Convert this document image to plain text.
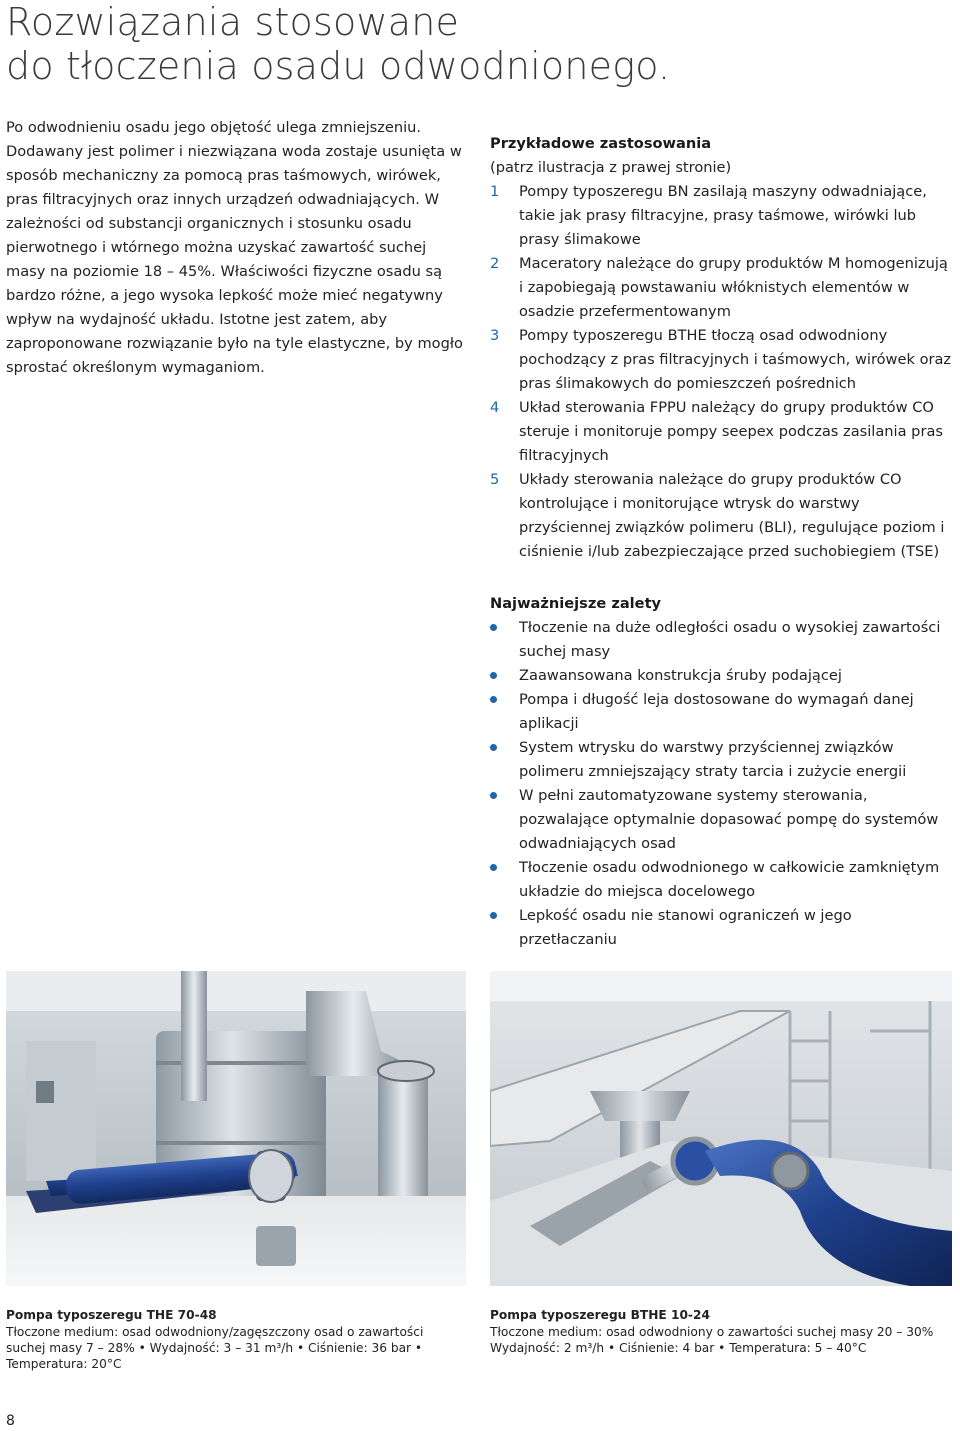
Rozwiązania stosowane
do tłoczenia osadu odwodnionego.

Po odwodnieniu osadu jego objętość ulega zmniejszeniu. Dodawany jest polimer i niezwiązana woda zostaje usunięta w sposób mechaniczny za pomocą pras taśmowych, wirówek, pras filtracyjnych oraz innych urządzeń odwadniających. W zależności od substancji organicznych i stosunku osadu pierwotnego i wtórnego można uzyskać zawartość suchej masy na poziomie 18 – 45%. Właściwości fizyczne osadu są bardzo różne, a jego wysoka lepkość może mieć negatywny wpływ na wydajność układu. Istotne jest zatem, aby zaproponowane rozwiązanie było na tyle elastyczne, by mogło sprostać określonym wymaganiom.

Przykładowe zastosowania

(patrz ilustracja z prawej stronie)

1 Pompy typoszeregu BN zasilają maszyny odwadniające, takie jak prasy filtracyjne, prasy taśmowe, wirówki lub prasy ślimakowe
2 Maceratory należące do grupy produktów M homogenizują i zapobiegają powstawaniu włóknistych elementów w osadzie przefermentowanym
3 Pompy typoszeregu BTHE tłoczą osad odwodniony pochodzący z pras filtracyjnych i taśmowych, wirówek oraz pras ślimakowych do pomieszczeń pośrednich
4 Układ sterowania FPPU należący do grupy produktów CO steruje i monitoruje pompy seepex podczas zasilania pras filtracyjnych
5 Układy sterowania należące do grupy produktów CO kontrolujące i monitorujące wtrysk do warstwy przyściennej związków polimeru (BLI), regulujące poziom i ciśnienie i/lub zabezpieczające przed suchobiegiem (TSE)

Najważniejsze zalety

Tłoczenie na duże odległości osadu o wysokiej zawartości suchej masy
Zaawansowana konstrukcja śruby podającej
Pompa i długość leja dostosowane do wymagań danej aplikacji
System wtrysku do warstwy przyściennej związków polimeru zmniejszający straty tarcia i zużycie energii
W pełni zautomatyzowane systemy sterowania, pozwalające optymalnie dopasować pompę do systemów odwadniających osad
Tłoczenie osadu odwodnionego w całkowicie zamkniętym układzie do miejsca docelowego
Lepkość osadu nie stanowi ograniczeń w jego przetłaczaniu
Pompa typoszeregu THE 70-48
Tłoczone medium: osad odwodniony/zagęszczony osad o zawartości suchej masy 7 – 28% • Wydajność: 3 – 31 m³/h • Ciśnienie: 36 bar • Temperatura: 20°C
Pompa typoszeregu BTHE 10-24
Tłoczone medium: osad odwodniony o zawartości suchej masy 20 – 30% Wydajność: 2 m³/h • Ciśnienie: 4 bar • Temperatura: 5 – 40°C
8
